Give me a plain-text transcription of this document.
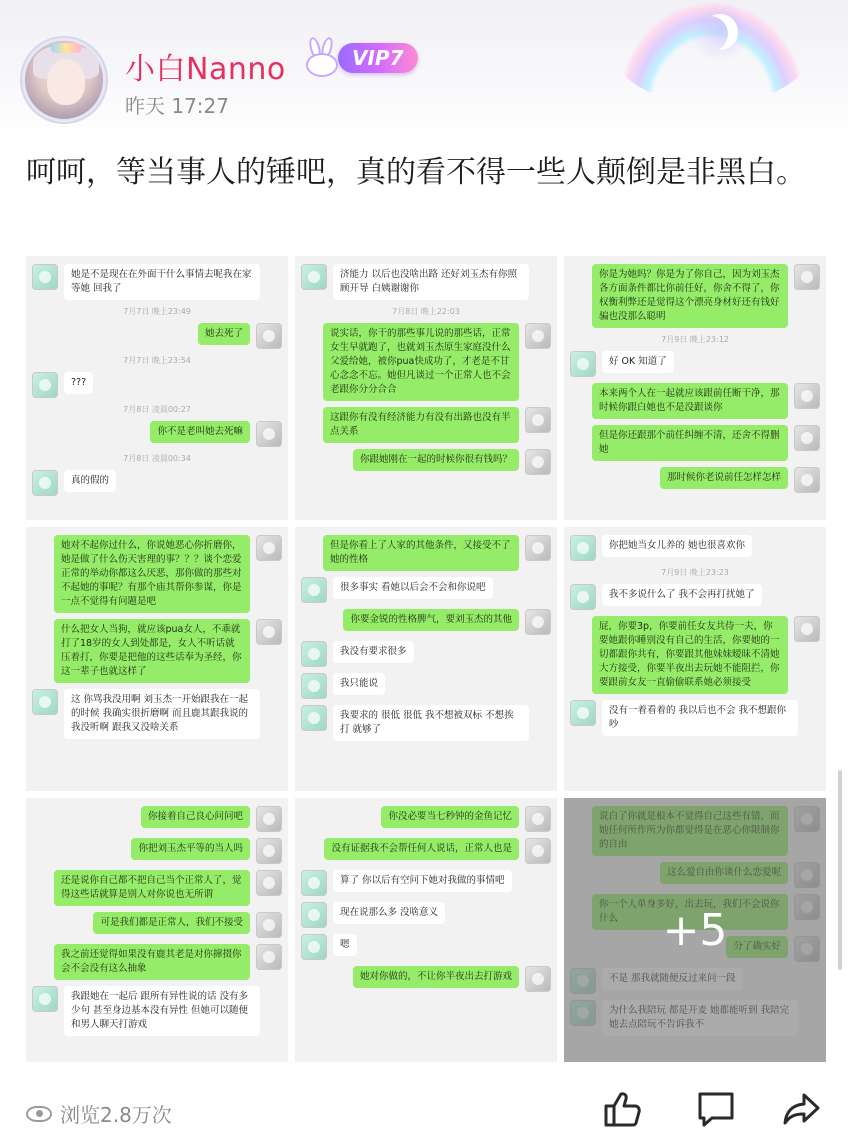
小白Nanno	VIP7
昨天 17:27
呵呵，等当事人的锤吧，真的看不得一些人颠倒是非黑白。
她是不是现在在外面干什么事情去呢我在家等她 回我了
7月7日 晚上23:49
她去死了
7月7日 晚上23:54
???
7月8日 凌晨00:27
你不是老叫她去死嘛
7月8日 凌晨00:34
真的假的
济能力 以后也没啥出路 还好刘玉杰有你照顾开导 白姨谢谢你
7月8日 晚上22:03
说实话，你干的那些事儿说的那些话，正常女生早就跑了，也就刘玉杰原生家庭没什么父爱给她，被你pua快成功了，才老是不甘心念念不忘。她但凡谈过一个正常人也不会老跟你分分合合
这跟你有没有经济能力有没有出路也没有半点关系
你跟她刚在一起的时候你很有钱吗？
你是为她吗？你是为了你自己，因为刘玉杰各方面条件都比你前任好，你舍不得了，你权衡利弊还是觉得这个漂亮身材好还有钱好骗也没那么聪明
7月9日 晚上23:12
好 OK 知道了
本来两个人在一起就应该跟前任断干净，那时候你跟白她也不是没跟谈你
但是你还跟那个前任纠缠不清，还舍不得删她
那时候你老说前任怎样怎样
她对不起你过什么，你说她恶心你折磨你，她是做了什么伤天害理的事？？？谈个恋爱正常的举动你都这么厌恶，那你做的那些对不起她的事呢？有那个庙其帮你参谋，你是一点不觉得有问题是吧
什么把女人当狗，就应该pua女人，不乖就打了18岁的女人到处都是，女人不听话就压着打，你要是把他的这些话奉为圣经，你这一辈子也就这样了
这 你骂我没用啊 刘玉杰一开始跟我在一起的时候 我确实很折磨啊 而且鹿其跟我说的我没听啊 跟我又没啥关系
但是你看上了人家的其他条件，又接受不了她的性格
很多事实 看她以后会不会和你说吧
你要金锐的性格脾气，要刘玉杰的其他
我没有要求很多
我只能说
我要求的 很低 很低 我不想被双标 不想挨打 就够了
你把她当女儿养的 她也很喜欢你
7月9日 晚上23:23
我不多说什么了 我不会再打扰她了
屁，你要3p，你要前任女友共侍一夫，你要她跟你睡别没有自己的生活，你要她的一切都跟你共有，你要跟其他妹妹暧昧不清她大方接受，你要半夜出去玩她不能阻拦，你要跟前女友一直偷偷联系她必须接受
没有一着看着的 我以后也不会 我不想跟你吵
你接着自己良心问问吧
你把刘玉杰平等的当人吗
还是说你自己都不把自己当个正常人了，觉得这些话就算是别人对你说也无所谓
可是我们都是正常人，我们不接受
我之前还觉得如果没有鹿其老是对你撺掇你会不会没有这么抽象
我跟她在一起后 跟所有异性说的话 没有多少句 甚至身边基本没有异性 但她可以随便和男人聊天打游戏
你没必要当七秒钟的金鱼记忆
没有证据我不会帮任何人说话，正常人也是
算了 你以后有空问下她对我做的事情吧
现在说那么多 没啥意义
嗯
她对你做的，不让你半夜出去打游戏
+5
浏览2.8万次
